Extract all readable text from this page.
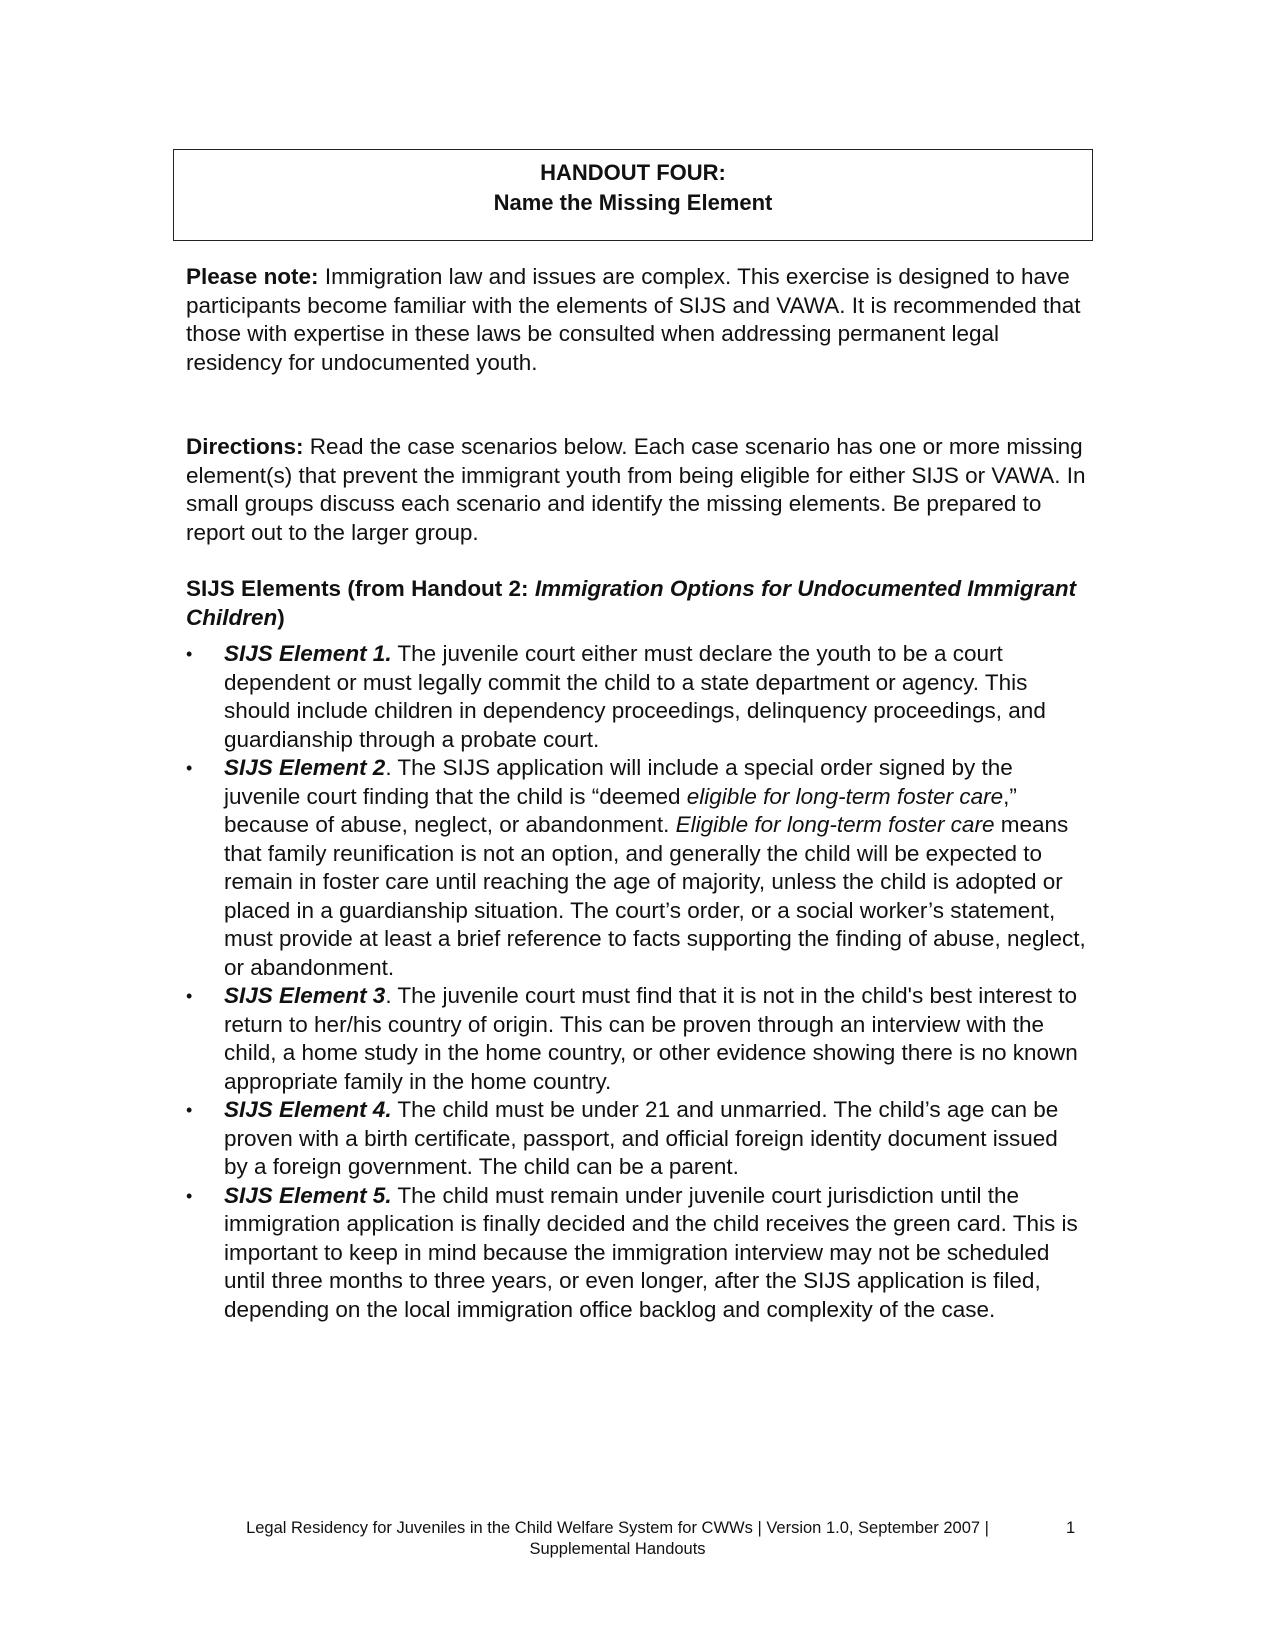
HANDOUT FOUR:
Name the Missing Element

Please note: Immigration law and issues are complex. This exercise is designed to have participants become familiar with the elements of SIJS and VAWA. It is recommended that those with expertise in these laws be consulted when addressing permanent legal residency for undocumented youth.

Directions: Read the case scenarios below. Each case scenario has one or more missing element(s) that prevent the immigrant youth from being eligible for either SIJS or VAWA. In small groups discuss each scenario and identify the missing elements. Be prepared to report out to the larger group.

SIJS Elements (from Handout 2: Immigration Options for Undocumented Immigrant Children)

•	SIJS Element 1. The juvenile court either must declare the youth to be a court dependent or must legally commit the child to a state department or agency. This should include children in dependency proceedings, delinquency proceedings, and guardianship through a probate court.
•	SIJS Element 2. The SIJS application will include a special order signed by the juvenile court finding that the child is “deemed eligible for long-term foster care,” because of abuse, neglect, or abandonment. Eligible for long-term foster care means that family reunification is not an option, and generally the child will be expected to remain in foster care until reaching the age of majority, unless the child is adopted or placed in a guardianship situation. The court’s order, or a social worker’s statement, must provide at least a brief reference to facts supporting the finding of abuse, neglect, or abandonment.
•	SIJS Element 3. The juvenile court must find that it is not in the child's best interest to return to her/his country of origin. This can be proven through an interview with the child, a home study in the home country, or other evidence showing there is no known appropriate family in the home country.
•	SIJS Element 4. The child must be under 21 and unmarried. The child’s age can be proven with a birth certificate, passport, and official foreign identity document issued by a foreign government. The child can be a parent.
•	SIJS Element 5. The child must remain under juvenile court jurisdiction until the immigration application is finally decided and the child receives the green card. This is important to keep in mind because the immigration interview may not be scheduled until three months to three years, or even longer, after the SIJS application is filed, depending on the local immigration office backlog and complexity of the case.
Legal Residency for Juveniles in the Child Welfare System for CWWs | Version 1.0, September 2007 |
Supplemental Handouts
1
